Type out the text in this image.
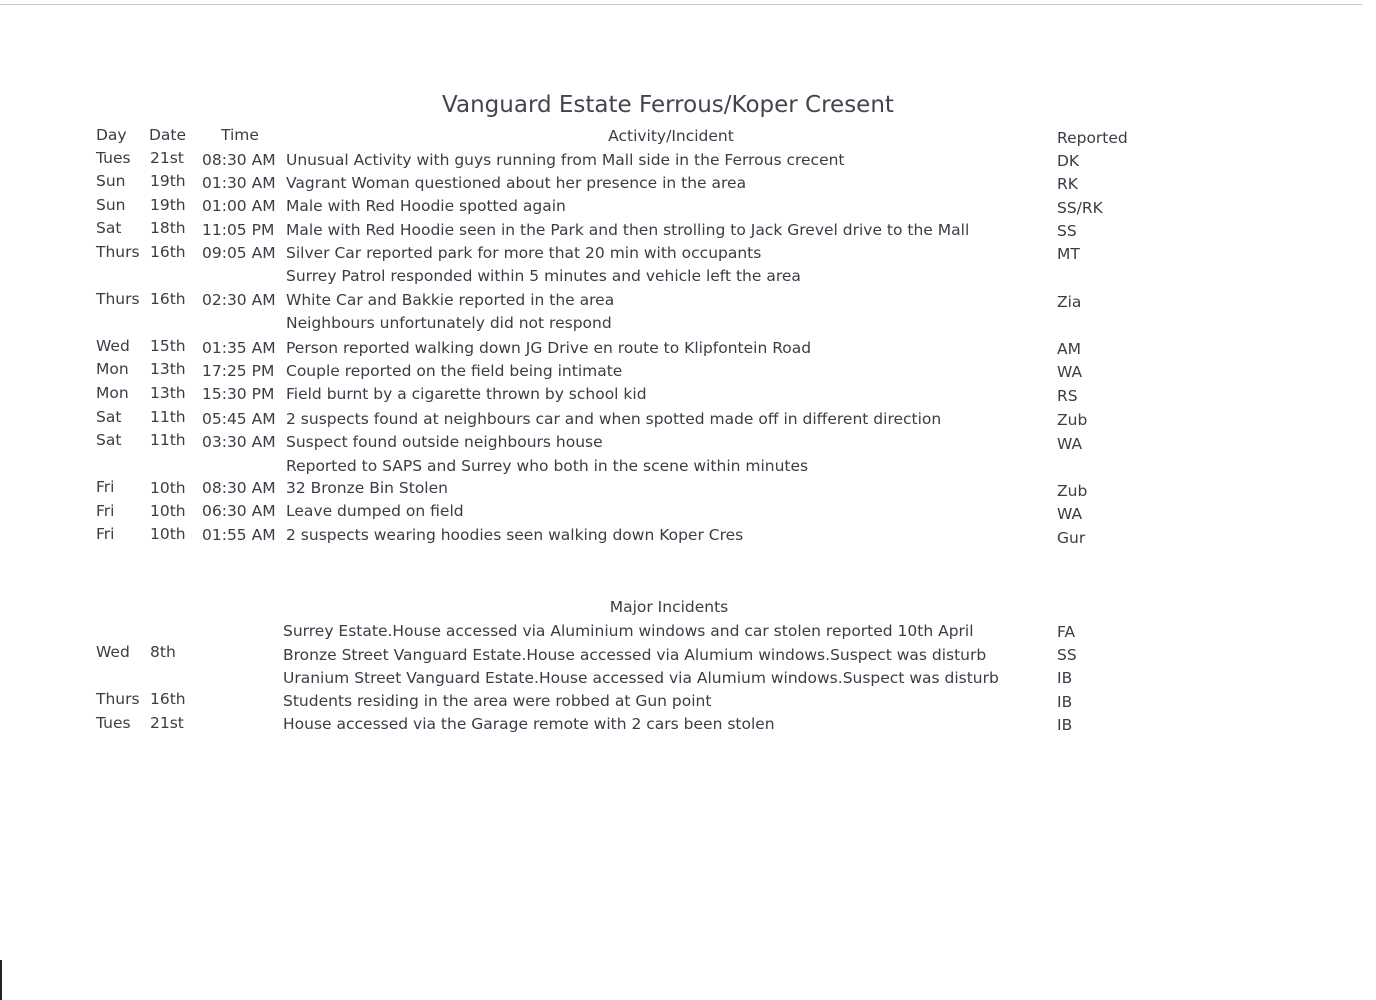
Vanguard Estate Ferrous/Koper Cresent
Day Date Time	Activity/Incident	Reported
Tues 21st 08:30 AM Unusual Activity with guys running from Mall side in the Ferrous crecent	DK
Sun 19th 01:30 AM Vagrant Woman questioned about her presence in the area	RK
Sun 19th 01:00 AM Male with Red Hoodie spotted again	SS/RK
Sat 18th 11:05 PM Male with Red Hoodie seen in the Park and then strolling to Jack Grevel drive to the Mall	SS
Thurs 16th 09:05 AM Silver Car reported park for more that 20 min with occupants	MT
Surrey Patrol responded within 5 minutes and vehicle left the area
Thurs 16th 02:30 AM White Car and Bakkie reported in the area	Zia
Neighbours unfortunately did not respond
Wed 15th 01:35 AM Person reported walking down JG Drive en route to Klipfontein Road	AM
Mon 13th 17:25 PM Couple reported on the field being intimate	WA
Mon 13th 15:30 PM Field burnt by a cigarette thrown by school kid	RS
Sat 11th 05:45 AM 2 suspects found at neighbours car and when spotted made off in different direction	Zub
Sat 11th 03:30 AM Suspect found outside neighbours house	WA
Reported to SAPS and Surrey who both in the scene within minutes
Fri 10th 08:30 AM 32 Bronze Bin Stolen	Zub
Fri 10th 06:30 AM Leave dumped on field	WA
Fri 10th 01:55 AM 2 suspects wearing hoodies seen walking down Koper Cres	Gur
Major Incidents
Surrey Estate.House accessed via Aluminium windows and car stolen reported 10th April	FA
Wed 8th	Bronze Street Vanguard Estate.House accessed via Alumium windows.Suspect was disturb	SS
Uranium Street Vanguard Estate.House accessed via Alumium windows.Suspect was disturb	IB
Thurs 16th	Students residing in the area were robbed at Gun point	IB
Tues 21st	House accessed via the Garage remote with 2 cars been stolen	IB
